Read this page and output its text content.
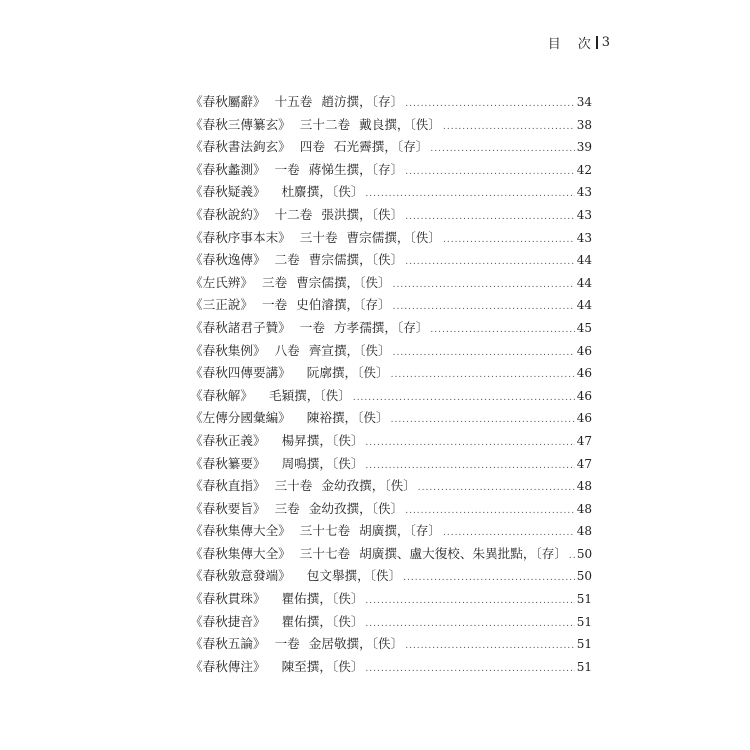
目　次 3
《春秋屬辭》 十五卷 趙汸撰，〔存〕 .....	34
《春秋三傳纂玄》 三十二卷 戴良撰，〔佚〕 .....	38
《春秋書法鉤玄》 四卷 石光霽撰，〔存〕 .....	39
《春秋蠡測》 一卷 蔣悌生撰，〔存〕 .....	42
《春秋疑義》 杜麖撰，〔佚〕 .....	43
《春秋說約》 十二卷 張洪撰，〔佚〕 .....	43
《春秋序事本末》 三十卷 曹宗儒撰，〔佚〕 .....	43
《春秋逸傳》 二卷 曹宗儒撰，〔佚〕 .....	44
《左氏辨》 三卷 曹宗儒撰，〔佚〕 .....	44
《三正說》 一卷 史伯濬撰，〔存〕 .....	44
《春秋諸君子贊》 一卷 方孝孺撰，〔存〕 .....	45
《春秋集例》 八卷 齊宣撰，〔佚〕 .....	46
《春秋四傳要講》 阮廓撰，〔佚〕 .....	46
《春秋解》 毛穎撰，〔佚〕 .....	46
《左傳分國彙編》 陳裕撰，〔佚〕 .....	46
《春秋正義》 楊昇撰，〔佚〕 .....	47
《春秋纂要》 周鳴撰，〔佚〕 .....	47
《春秋直指》 三十卷 金幼孜撰，〔佚〕 .....	48
《春秋要旨》 三卷 金幼孜撰，〔佚〕 .....	48
《春秋集傳大全》 三十七卷 胡廣撰，〔存〕 .....	48
《春秋集傳大全》 三十七卷 胡廣撰、盧大復校、朱異批點，〔存〕 ..... 50
《春秋敫意發端》 包文舉撰，〔佚〕 .....	50
《春秋貫珠》 瞿佑撰，〔佚〕 .....	51
《春秋捷音》 瞿佑撰，〔佚〕 .....	51
《春秋五論》 一卷 金居敬撰，〔佚〕 .....	51
《春秋傳注》 陳至撰，〔佚〕 .....	51
